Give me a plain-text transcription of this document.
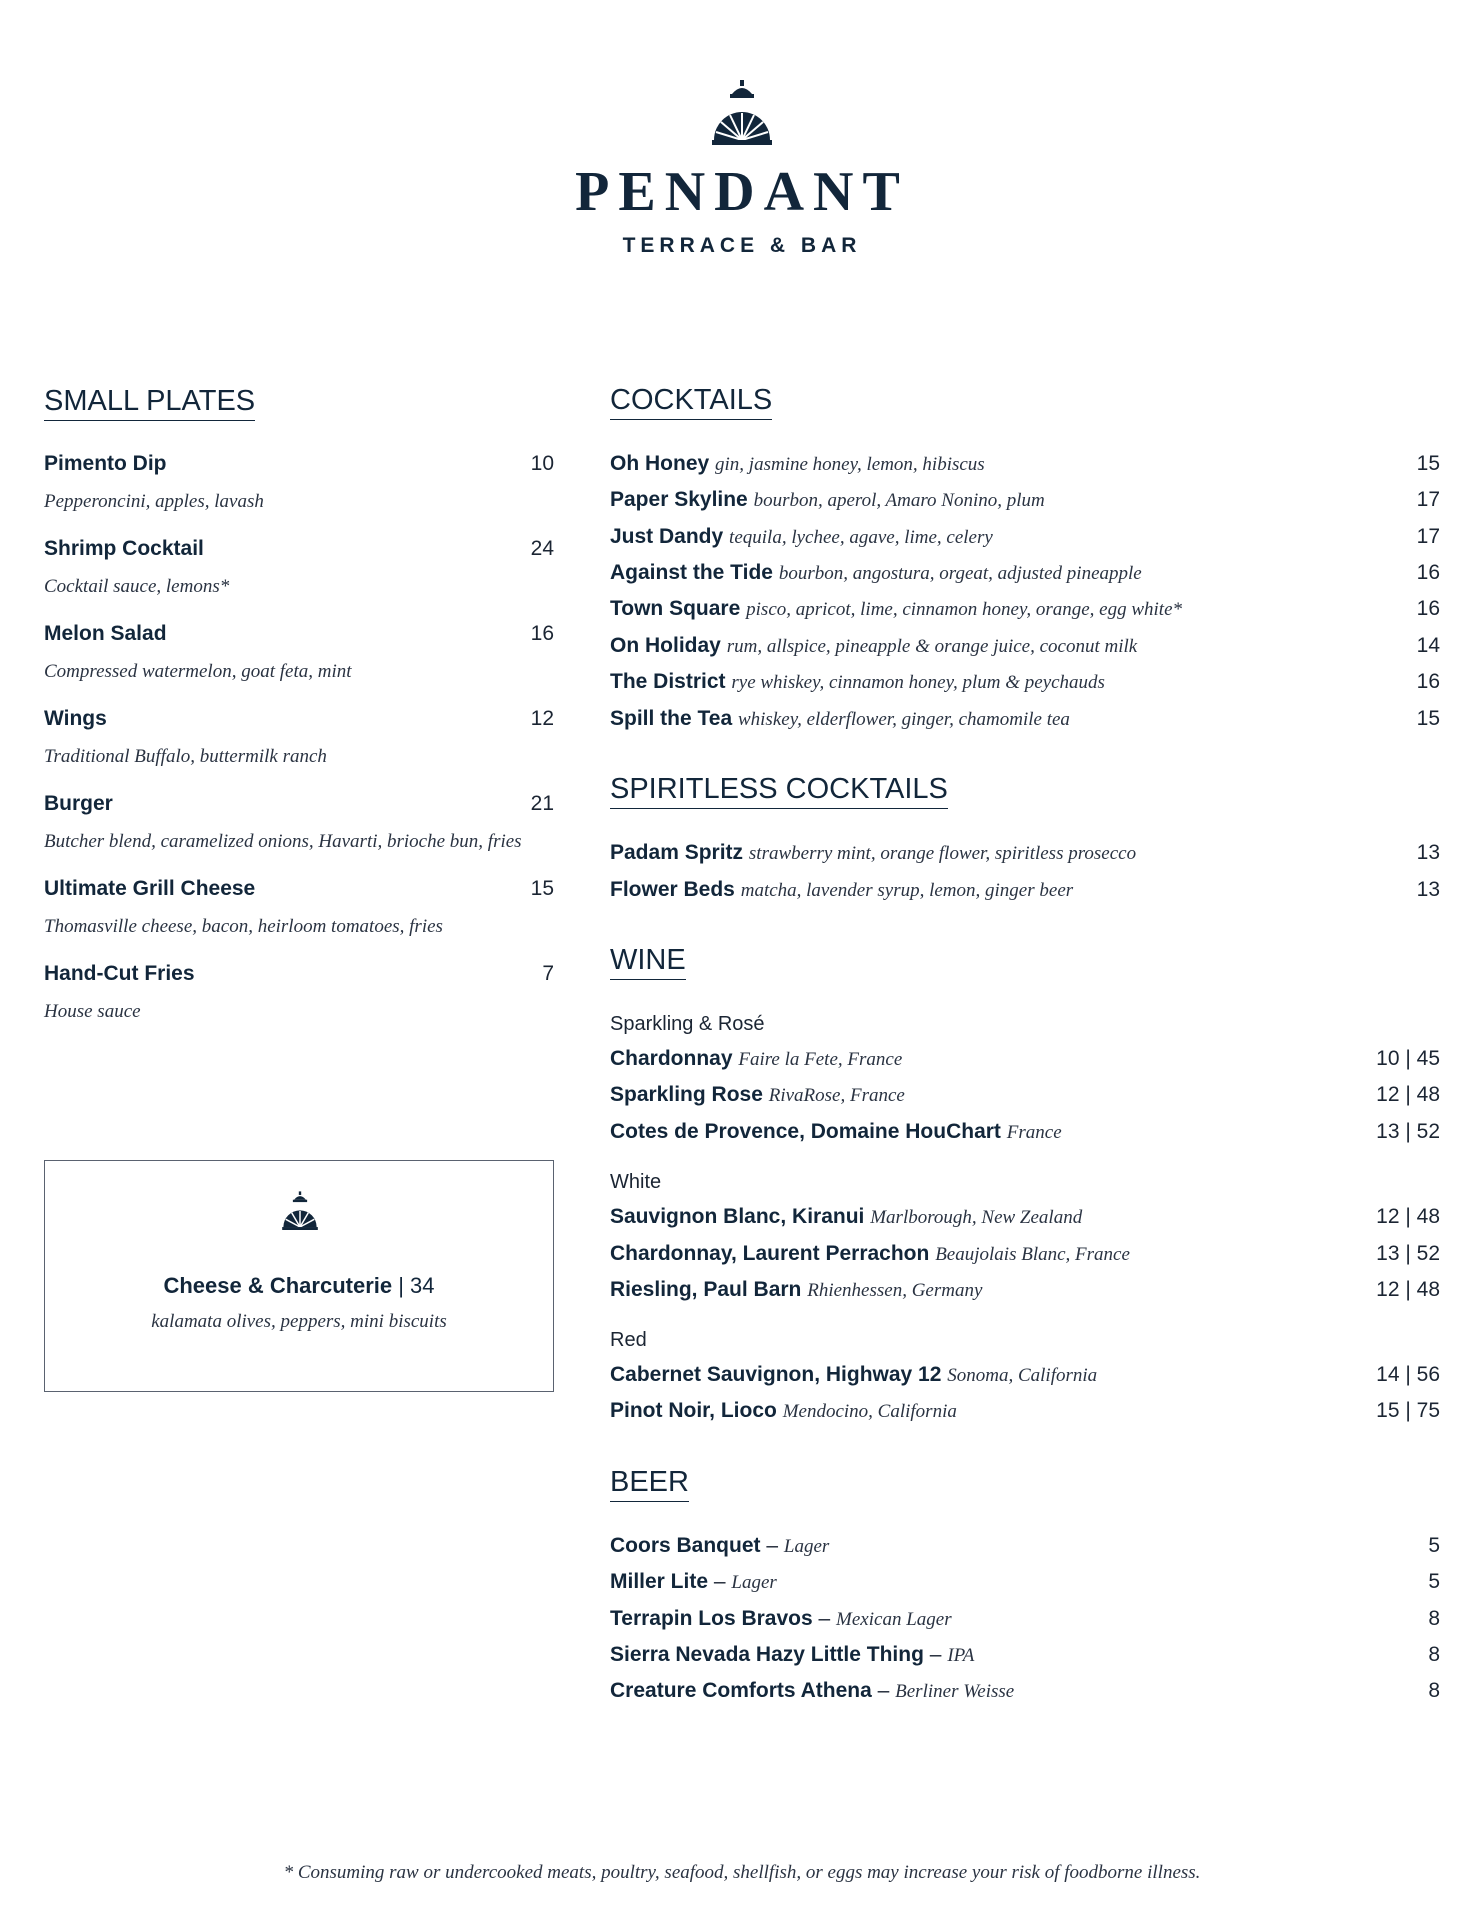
PENDANT
TERRACE & BAR
SMALL PLATES
Pimento Dip	10
Pepperoncini, apples, lavash
Shrimp Cocktail	24
Cocktail sauce, lemons*
Melon Salad	16
Compressed watermelon, goat feta, mint
Wings	12
Traditional Buffalo, buttermilk ranch
Burger	21
Butcher blend, caramelized onions, Havarti, brioche bun, fries
Ultimate Grill Cheese	15
Thomasville cheese, bacon, heirloom tomatoes, fries
Hand-Cut Fries	7
House sauce
Cheese & Charcuterie | 34
kalamata olives, peppers, mini biscuits
COCKTAILS
Oh Honey gin, jasmine honey, lemon, hibiscus	15
Paper Skyline bourbon, aperol, Amaro Nonino, plum	17
Just Dandy tequila, lychee, agave, lime, celery	17
Against the Tide bourbon, angostura, orgeat, adjusted pineapple	16
Town Square pisco, apricot, lime, cinnamon honey, orange, egg white*	16
On Holiday rum, allspice, pineapple & orange juice, coconut milk	14
The District rye whiskey, cinnamon honey, plum & peychauds	16
Spill the Tea whiskey, elderflower, ginger, chamomile tea	15
SPIRITLESS COCKTAILS
Padam Spritz strawberry mint, orange flower, spiritless prosecco	13
Flower Beds matcha, lavender syrup, lemon, ginger beer	13
WINE
Sparkling & Rosé
Chardonnay Faire la Fete, France	10 | 45
Sparkling Rose RivaRose, France	12 | 48
Cotes de Provence, Domaine HouChart France	13 | 52
White
Sauvignon Blanc, Kiranui Marlborough, New Zealand	12 | 48
Chardonnay, Laurent Perrachon Beaujolais Blanc, France	13 | 52
Riesling, Paul Barn Rhienhessen, Germany	12 | 48
Red
Cabernet Sauvignon, Highway 12 Sonoma, California	14 | 56
Pinot Noir, Lioco Mendocino, California	15 | 75
BEER
Coors Banquet – Lager	5
Miller Lite – Lager	5
Terrapin Los Bravos – Mexican Lager	8
Sierra Nevada Hazy Little Thing – IPA	8
Creature Comforts Athena – Berliner Weisse	8
* Consuming raw or undercooked meats, poultry, seafood, shellfish, or eggs may increase your risk of foodborne illness.
